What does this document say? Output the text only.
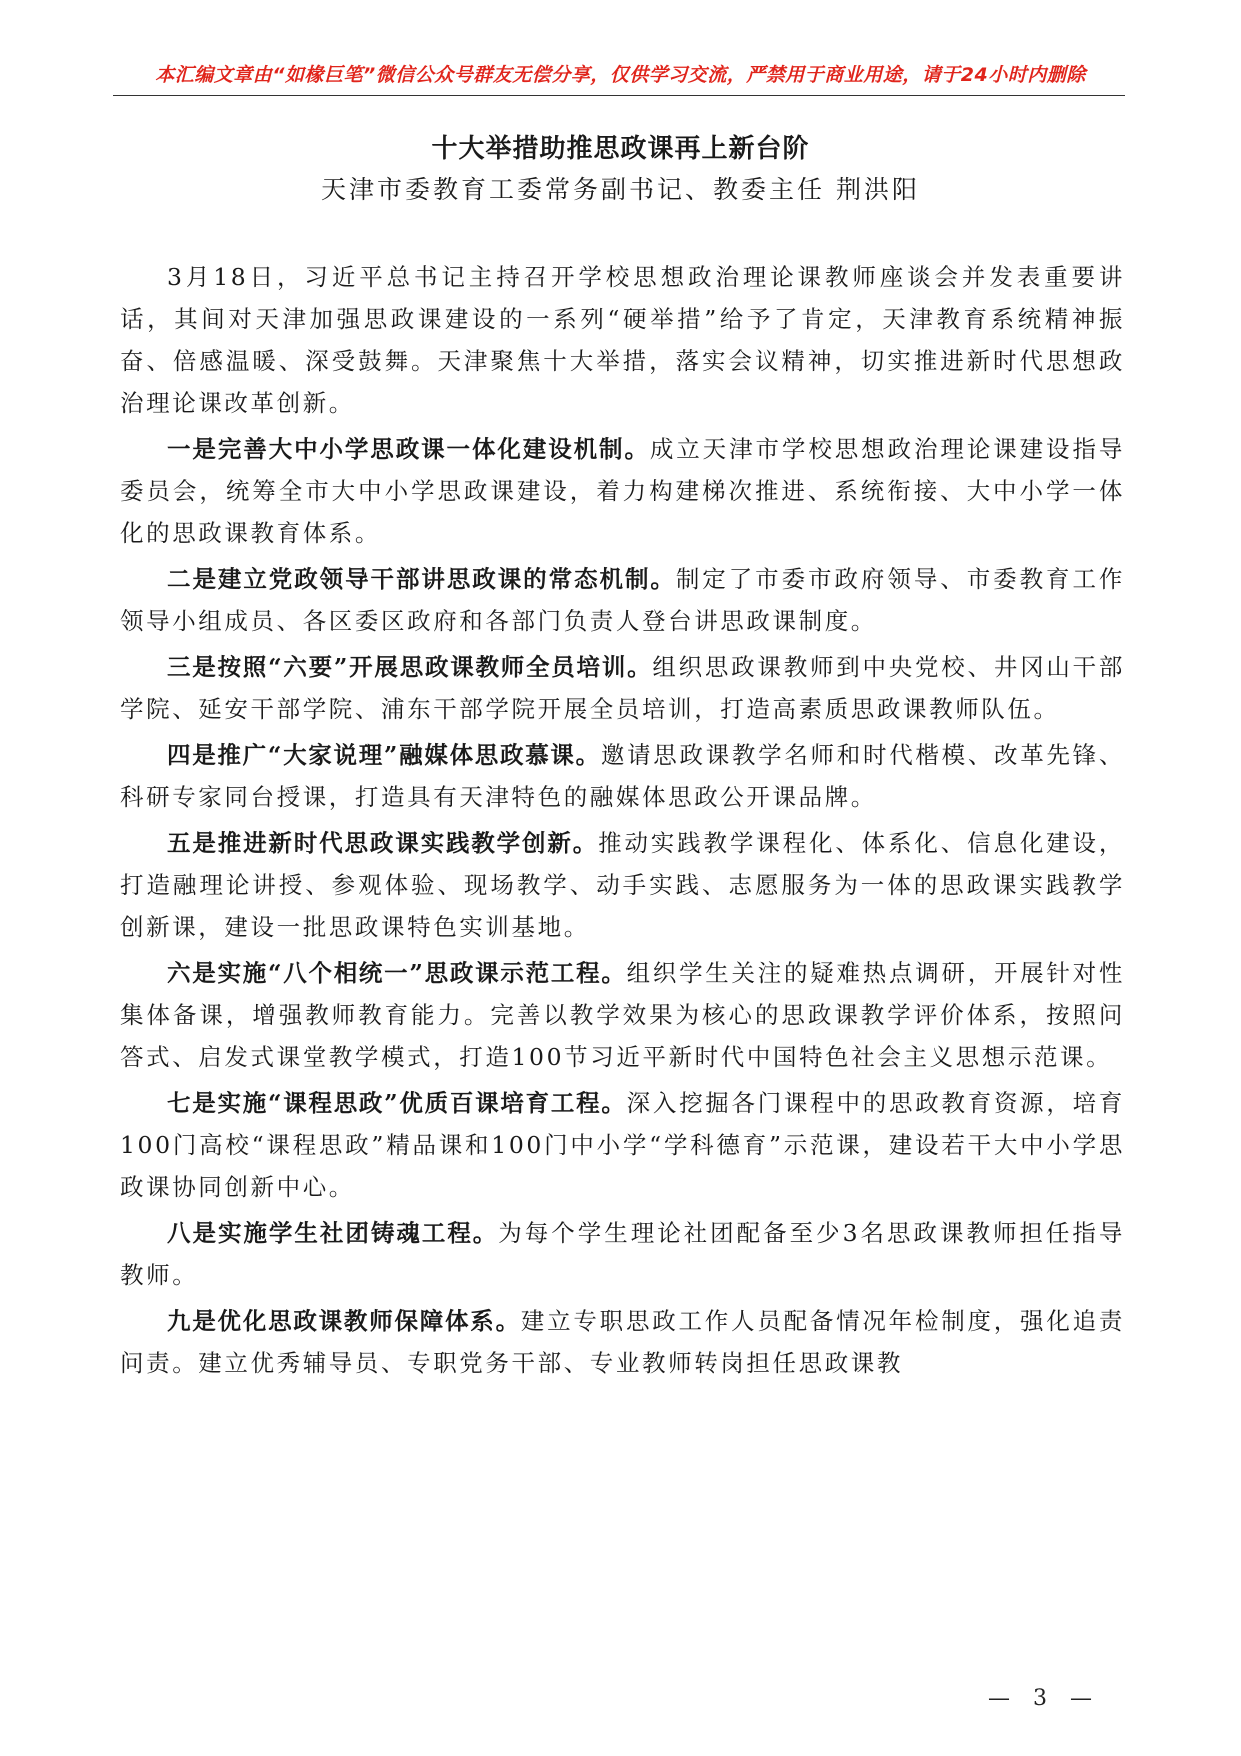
本汇编文章由“如椽巨笔”微信公众号群友无偿分享，仅供学习交流，严禁用于商业用途，请于24小时内删除
十大举措助推思政课再上新台阶
天津市委教育工委常务副书记、教委主任 荆洪阳

3月18日，习近平总书记主持召开学校思想政治理论课教师座谈会并发表重要讲话，其间对天津加强思政课建设的一系列“硬举措”给予了肯定，天津教育系统精神振奋、倍感温暖、深受鼓舞。天津聚焦十大举措，落实会议精神，切实推进新时代思想政治理论课改革创新。

一是完善大中小学思政课一体化建设机制。成立天津市学校思想政治理论课建设指导委员会，统筹全市大中小学思政课建设，着力构建梯次推进、系统衔接、大中小学一体化的思政课教育体系。

二是建立党政领导干部讲思政课的常态机制。制定了市委市政府领导、市委教育工作领导小组成员、各区委区政府和各部门负责人登台讲思政课制度。

三是按照“六要”开展思政课教师全员培训。组织思政课教师到中央党校、井冈山干部学院、延安干部学院、浦东干部学院开展全员培训，打造高素质思政课教师队伍。

四是推广“大家说理”融媒体思政慕课。邀请思政课教学名师和时代楷模、改革先锋、科研专家同台授课，打造具有天津特色的融媒体思政公开课品牌。

五是推进新时代思政课实践教学创新。推动实践教学课程化、体系化、信息化建设，打造融理论讲授、参观体验、现场教学、动手实践、志愿服务为一体的思政课实践教学创新课，建设一批思政课特色实训基地。

六是实施“八个相统一”思政课示范工程。组织学生关注的疑难热点调研，开展针对性集体备课，增强教师教育能力。完善以教学效果为核心的思政课教学评价体系，按照问答式、启发式课堂教学模式，打造100节习近平新时代中国特色社会主义思想示范课。

七是实施“课程思政”优质百课培育工程。深入挖掘各门课程中的思政教育资源，培育100门高校“课程思政”精品课和100门中小学“学科德育”示范课，建设若干大中小学思政课协同创新中心。

八是实施学生社团铸魂工程。为每个学生理论社团配备至少3名思政课教师担任指导教师。

九是优化思政课教师保障体系。建立专职思政工作人员配备情况年检制度，强化追责问责。建立优秀辅导员、专职党务干部、专业教师转岗担任思政课教

— 3 —
